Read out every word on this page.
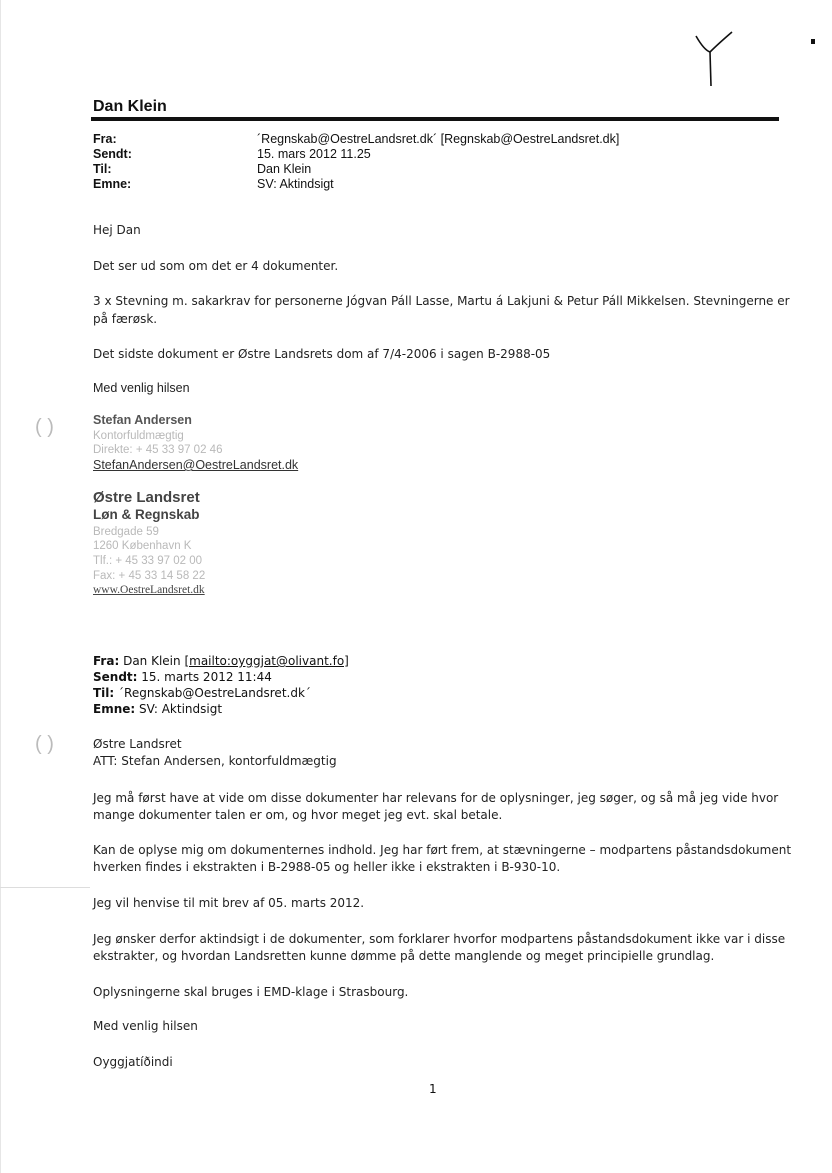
Dan Klein
Fra:
Sendt:
Til:
Emne:
´Regnskab@OestreLandsret.dk´ [Regnskab@OestreLandsret.dk]
15. mars 2012 11.25
Dan Klein
SV: Aktindsigt
Hej Dan
Det ser ud som om det er 4 dokumenter.
3 x Stevning m. sakarkrav for personerne Jógvan Páll Lasse, Martu á Lakjuni & Petur Páll Mikkelsen. Stevningerne er
på færøsk.
Det sidste dokument er Østre Landsrets dom af 7/4-2006 i sagen B-2988-05
Med venlig hilsen
( )	Stefan Andersen
Kontorfuldmægtig
Direkte: + 45 33 97 02 46
StefanAndersen@OestreLandsret.dk
Østre Landsret
Løn & Regnskab
Bredgade 59
1260 København K
Tlf.: + 45 33 97 02 00
Fax: + 45 33 14 58 22
www.OestreLandsret.dk
Fra: Dan Klein [mailto:oyggjat@olivant.fo]
Sendt: 15. marts 2012 11:44
Til: ´Regnskab@OestreLandsret.dk´
Emne: SV: Aktindsigt
( )	Østre Landsret
ATT: Stefan Andersen, kontorfuldmægtig
Jeg må først have at vide om disse dokumenter har relevans for de oplysninger, jeg søger, og så må jeg vide hvor
mange dokumenter talen er om, og hvor meget jeg evt. skal betale.
Kan de oplyse mig om dokumenternes indhold. Jeg har ført frem, at stævningerne – modpartens påstandsdokument
hverken findes i ekstrakten i B-2988-05 og heller ikke i ekstrakten i B-930-10.
Jeg vil henvise til mit brev af 05. marts 2012.
Jeg ønsker derfor aktindsigt i de dokumenter, som forklarer hvorfor modpartens påstandsdokument ikke var i disse
ekstrakter, og hvordan Landsretten kunne dømme på dette manglende og meget principielle grundlag.
Oplysningerne skal bruges i EMD-klage i Strasbourg.
Med venlig hilsen
Oyggjatíðindi
1
